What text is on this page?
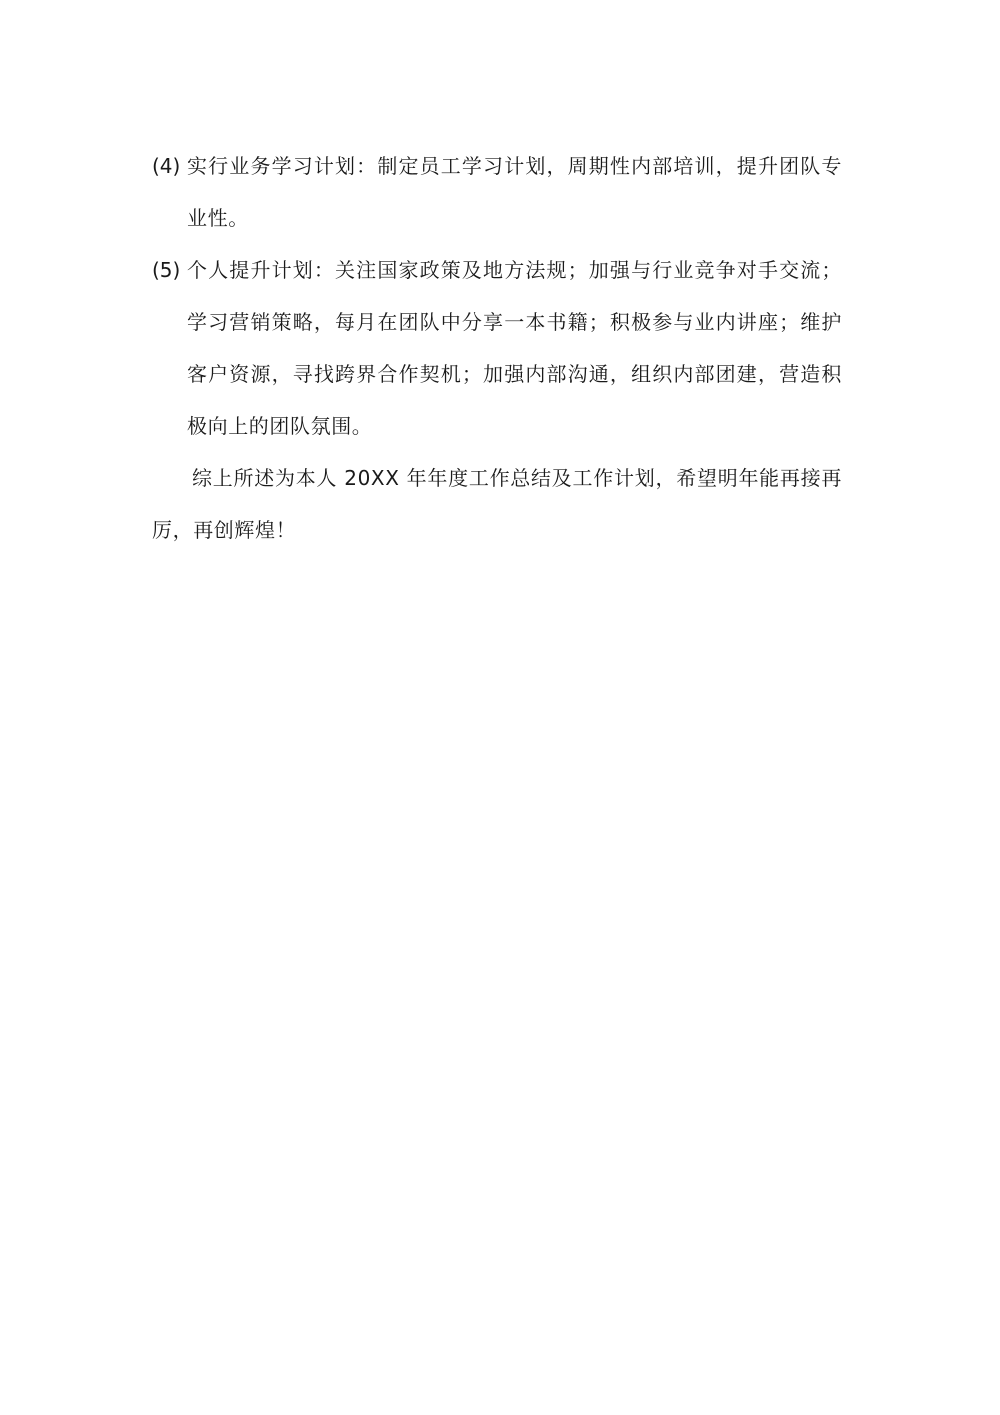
(4) 实行业务学习计划：制定员工学习计划，周期性内部培训，提升团队专业性。
(5) 个人提升计划：关注国家政策及地方法规；加强与行业竞争对手交流；学习营销策略，每月在团队中分享一本书籍；积极参与业内讲座；维护客户资源，寻找跨界合作契机；加强内部沟通，组织内部团建，营造积极向上的团队氛围。

综上所述为本人 20XX 年年度工作总结及工作计划，希望明年能再接再厉，再创辉煌！
